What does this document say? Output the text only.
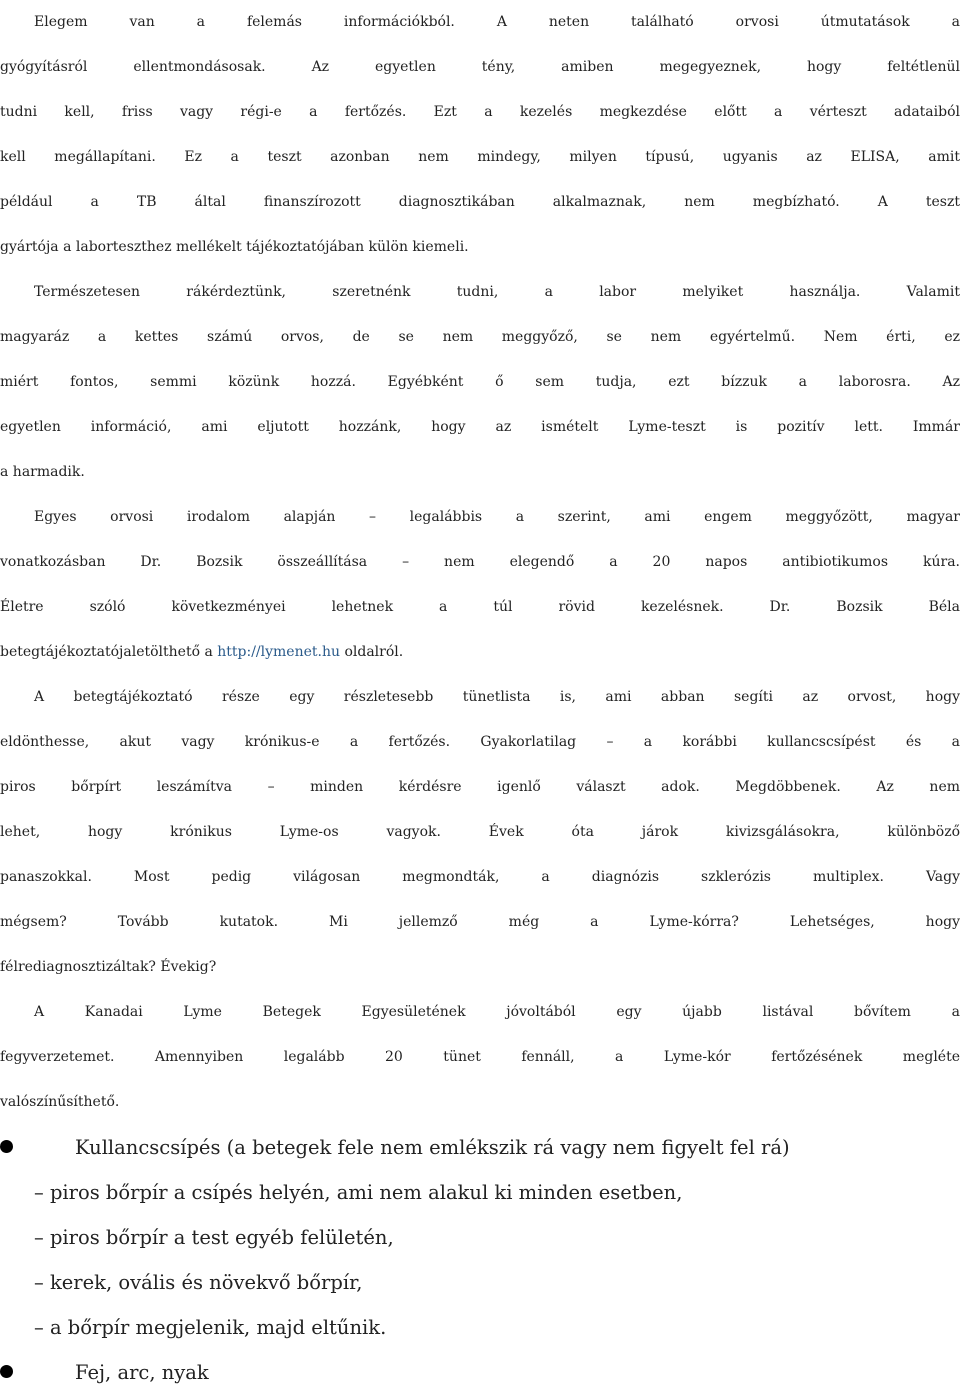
Elegem van a felemás információkból. A neten található orvosi útmutatások a
gyógyításról ellentmondásosak. Az egyetlen tény, amiben megegyeznek, hogy feltétlenül
tudni kell, friss vagy régi-e a fertőzés. Ezt a kezelés megkezdése előtt a vérteszt adataiból
kell megállapítani. Ez a teszt azonban nem mindegy, milyen típusú, ugyanis az ELISA, amit
például a TB által finanszírozott diagnosztikában alkalmaznak, nem megbízható. A teszt
gyártója a laborteszthez mellékelt tájékoztatójában külön kiemeli.
Természetesen rákérdeztünk, szeretnénk tudni, a labor melyiket használja. Valamit
magyaráz a kettes számú orvos, de se nem meggyőző, se nem egyértelmű. Nem érti, ez
miért fontos, semmi közünk hozzá. Egyébként ő sem tudja, ezt bízzuk a laborosra. Az
egyetlen információ, ami eljutott hozzánk, hogy az ismételt Lyme-teszt is pozitív lett. Immár
a harmadik.
Egyes orvosi irodalom alapján – legalábbis a szerint, ami engem meggyőzött, magyar
vonatkozásban Dr. Bozsik összeállítása – nem elegendő a 20 napos antibiotikumos kúra.
Életre szóló következményei lehetnek a túl rövid kezelésnek. Dr. Bozsik Béla
betegtájékoztatójaletölthető a http://lymenet.hu oldalról.
A betegtájékoztató része egy részletesebb tünetlista is, ami abban segíti az orvost, hogy
eldönthesse, akut vagy krónikus-e a fertőzés. Gyakorlatilag – a korábbi kullancscsípést és a
piros bőrpírt leszámítva – minden kérdésre igenlő választ adok. Megdöbbenek. Az nem
lehet, hogy krónikus Lyme-os vagyok. Évek óta járok kivizsgálásokra, különböző
panaszokkal. Most pedig világosan megmondták, a diagnózis szklerózis multiplex. Vagy
mégsem? Tovább kutatok. Mi jellemző még a Lyme-kórra? Lehetséges, hogy
félrediagnosztizáltak? Évekig?
A Kanadai Lyme Betegek Egyesületének jóvoltából egy újabb listával bővítem a
fegyverzetemet. Amennyiben legalább 20 tünet fennáll, a Lyme-kór fertőzésének megléte
valószínűsíthető.
Kullancscsípés (a betegek fele nem emlékszik rá vagy nem figyelt fel rá)
– piros bőrpír a csípés helyén, ami nem alakul ki minden esetben,
– piros bőrpír a test egyéb felületén,
– kerek, ovális és növekvő bőrpír,
– a bőrpír megjelenik, majd eltűnik.
Fej, arc, nyak
